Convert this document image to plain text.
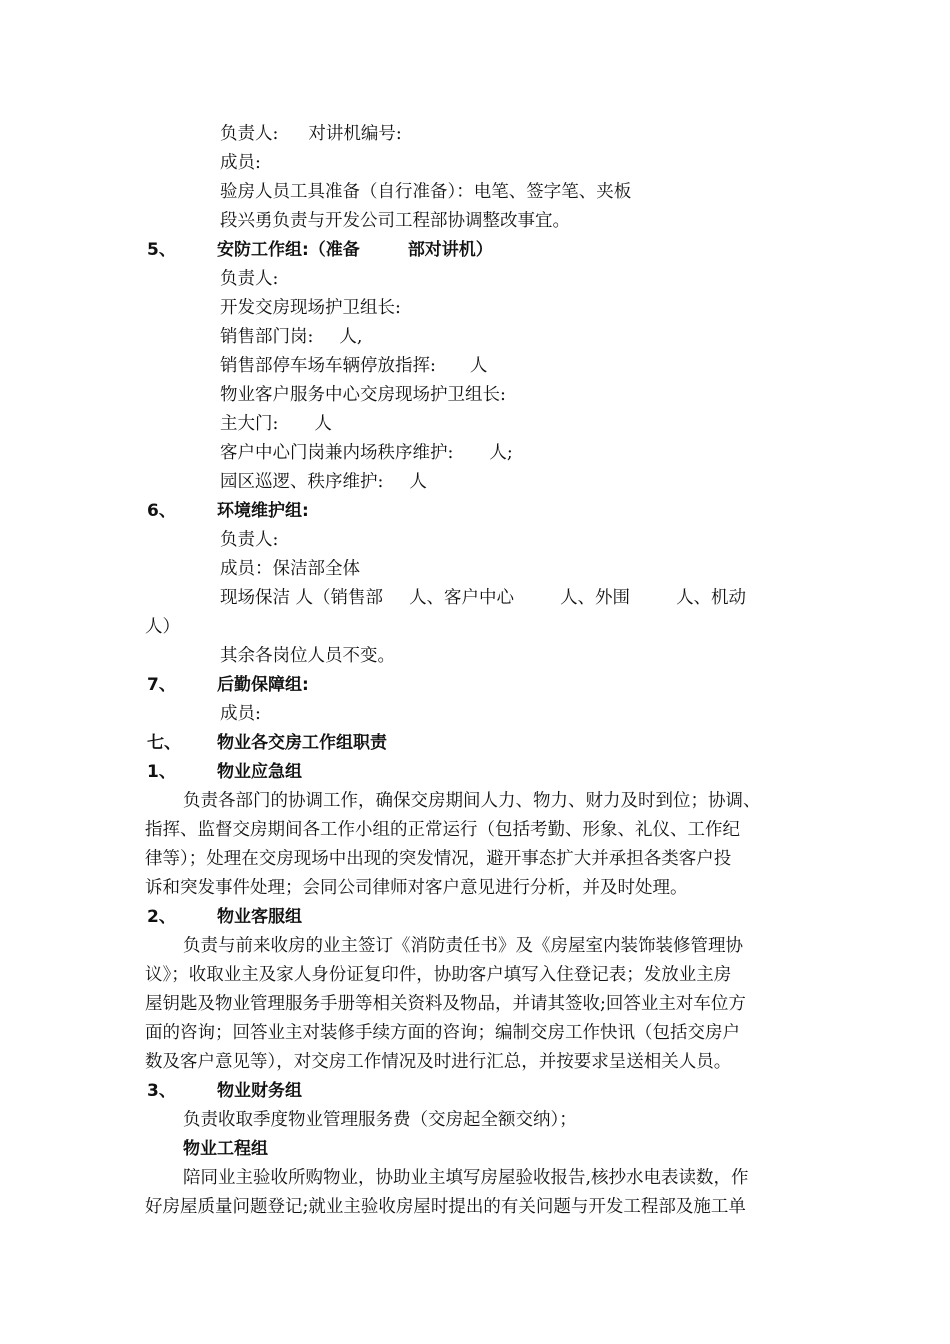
负责人: 对讲机编号:
成员:
验房人员工具准备（自行准备）：电笔、签字笔、夹板
段兴勇负责与开发公司工程部协调整改事宜。
5、 安防工作组:（准备	部对讲机）
负责人:
开发交房现场护卫组长:
销售部门岗: 人,
销售部停车场车辆停放指挥: 人
物业客户服务中心交房现场护卫组长:
主大门: 人
客户中心门岗兼内场秩序维护: 人;
园区巡逻、秩序维护: 人
6、 环境维护组:
负责人:
成员：保洁部全体
现场保洁 人（销售部 人、客户中心	人、外围	人、机动
人）
其余各岗位人员不变。
7、 后勤保障组:
成员:
七、 物业各交房工作组职责
1、 物业应急组
负责各部门的协调工作，确保交房期间人力、物力、财力及时到位；协调、
指挥、监督交房期间各工作小组的正常运行（包括考勤、形象、礼仪、工作纪
律等）；处理在交房现场中出现的突发情况，避开事态扩大并承担各类客户投
诉和突发事件处理；会同公司律师对客户意见进行分析，并及时处理。
2、 物业客服组
负责与前来收房的业主签订《消防责任书》及《房屋室内装饰装修管理协
议》；收取业主及家人身份证复印件，协助客户填写入住登记表；发放业主房
屋钥匙及物业管理服务手册等相关资料及物品，并请其签收;回答业主对车位方
面的咨询；回答业主对装修手续方面的咨询；编制交房工作快讯（包括交房户
数及客户意见等），对交房工作情况及时进行汇总，并按要求呈送相关人员。
3、 物业财务组
负责收取季度物业管理服务费（交房起全额交纳）；
物业工程组
陪同业主验收所购物业，协助业主填写房屋验收报告,核抄水电表读数，作
好房屋质量问题登记;就业主验收房屋时提出的有关问题与开发工程部及施工单
